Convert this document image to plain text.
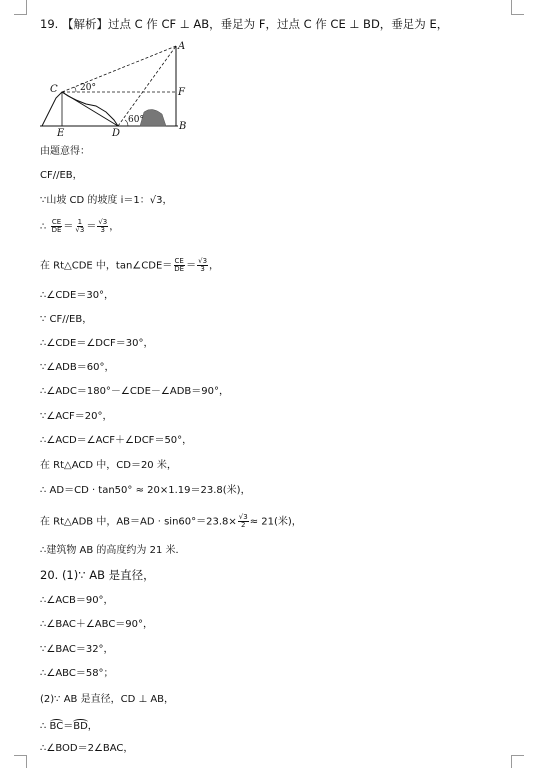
19. 【解析】过点 C 作 CF ⊥ AB，垂足为 F，过点 C 作 CE ⊥ BD，垂足为 E，
A
B
C
D
E
F
20°
60°
由题意得：
CF//EB，
∵山坡 CD 的坡度 i＝1：√3，
∴ $\frac{CE}{DE} = \frac{1}{√3} = \frac{√3}{3}$ ，
在 Rt△CDE 中，tan∠CDE＝ $\frac{CE}{DE} = \frac{√3}{3}$ ，
∴∠CDE＝30°，
∵ CF//EB，
∴∠CDE＝∠DCF＝30°，
∵∠ADB＝60°，
∴∠ADC＝180°－∠CDE－∠ADB＝90°，
∵∠ACF＝20°，
∴∠ACD＝∠ACF＋∠DCF＝50°，
在 Rt△ACD 中，CD＝20 米，
∴ AD＝CD · tan50° ≈ 20×1.19＝23.8(米)，
在 Rt△ADB 中，$AB=AD \cdot \sin 60^\circ=23.8\times \frac{√3}{2} \approx 21$(米)，
∴建筑物 AB 的高度约为 21 米．
20. (1)∵ AB 是直径，
∴∠ACB＝90°，
∴∠BAC＋∠ABC＝90°，
∵∠BAC＝32°，
∴∠ABC＝58°；
(2)∵ AB 是直径，CD ⊥ AB，
∴ BC＝BD，
∴∠BOD＝2∠BAC，
